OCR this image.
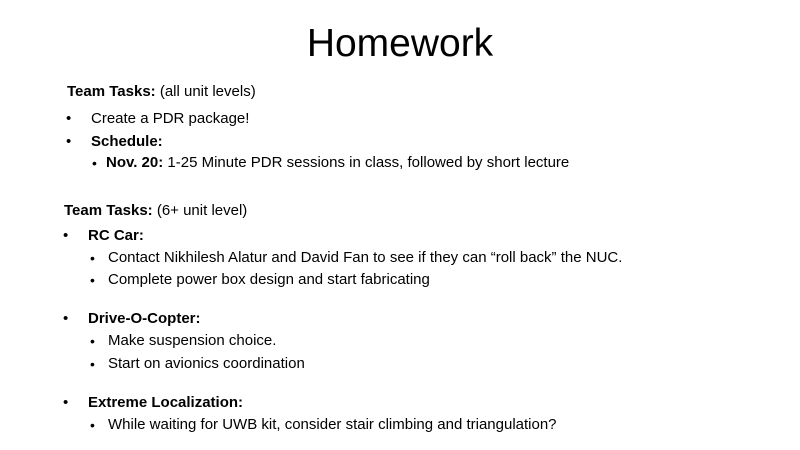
Homework
Team Tasks: (all unit levels)
• Create a PDR package!
• Schedule:
• Nov. 20: 1-25 Minute PDR sessions in class, followed by short lecture
Team Tasks: (6+ unit level)
• RC Car:
• Contact Nikhilesh Alatur and David Fan to see if they can “roll back” the NUC.
• Complete power box design and start fabricating
• Drive-O-Copter:
• Make suspension choice.
• Start on avionics coordination
• Extreme Localization:
• While waiting for UWB kit, consider stair climbing and triangulation?
